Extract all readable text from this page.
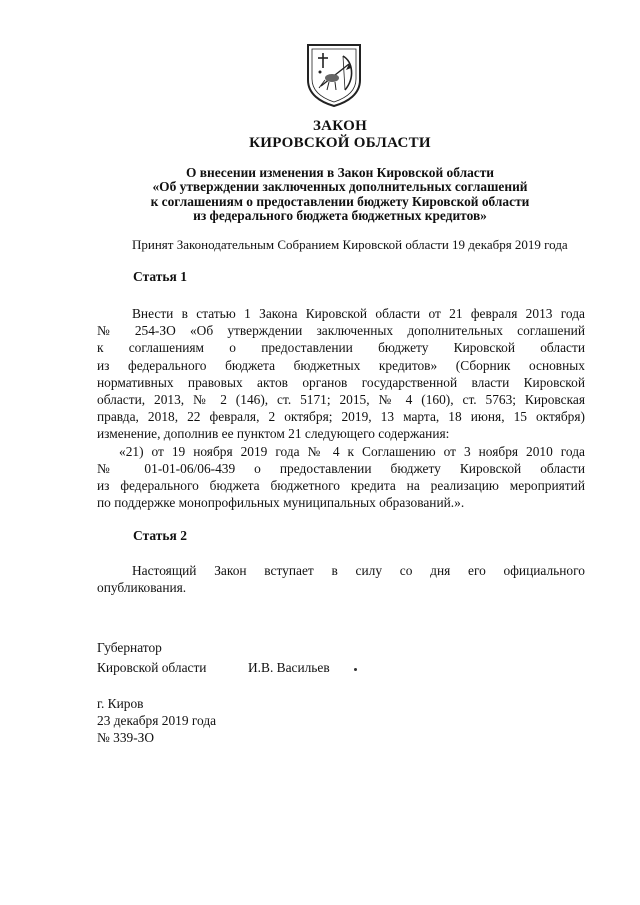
ЗАКОН
КИРОВСКОЙ ОБЛАСТИ
О внесении изменения в Закон Кировской области
«Об утверждении заключенных дополнительных соглашений
к соглашениям о предоставлении бюджету Кировской области
из федерального бюджета бюджетных кредитов»
Принят Законодательным Собранием Кировской области 19 декабря 2019 года
Статья 1
Внести в статью 1 Закона Кировской области от 21 февраля 2013 года
№ 254-ЗО «Об утверждении заключенных дополнительных соглашений
к соглашениям о предоставлении бюджету Кировской области
из федерального бюджета бюджетных кредитов» (Сборник основных
нормативных правовых актов органов государственной власти Кировской
области, 2013, № 2 (146), ст. 5171; 2015, № 4 (160), ст. 5763; Кировская
правда, 2018, 22 февраля, 2 октября; 2019, 13 марта, 18 июня, 15 октября)
изменение, дополнив ее пунктом 21 следующего содержания:
«21) от 19 ноября 2019 года № 4 к Соглашению от 3 ноября 2010 года
№ 01-01-06/06-439 о предоставлении бюджету Кировской области
из федерального бюджета бюджетного кредита на реализацию мероприятий
по поддержке монопрофильных муниципальных образований.».
Статья 2
Настоящий Закон вступает в силу со дня его официального
опубликования.
Губернатор
Кировской области	И.В. Васильев
г. Киров
23 декабря 2019 года
№ 339-ЗО
